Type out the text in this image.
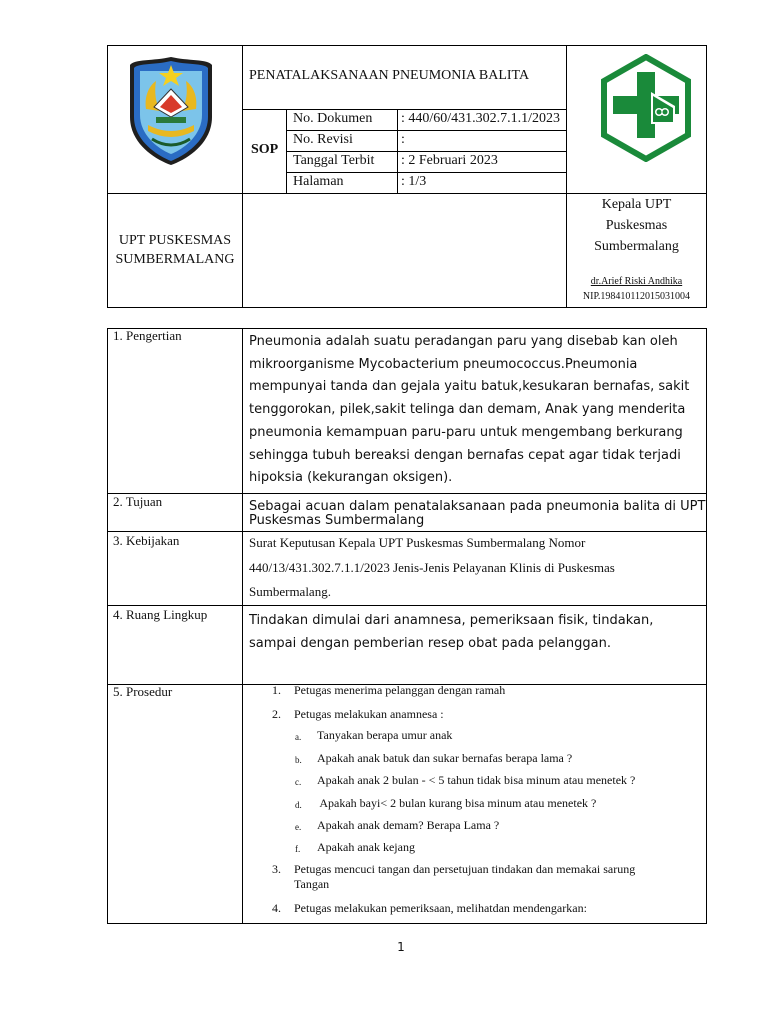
PENATALAKSANAAN PNEUMONIA BALITA
SOP
No. Dokumen : 440/60/431.302.7.1.1/2023
No. Revisi	:
Tanggal Terbit : 2 Februari 2023
Halaman	: 1/3
UPT PUSKESMAS
SUMBERMALANG
Kepala UPT
Puskesmas
Sumbermalang
dr.Arief Riski Andhika
NIP.198410112015031004
1. Pengertian	Pneumonia adalah suatu peradangan paru yang disebab kan oleh
mikroorganisme Mycobacterium pneumococcus.Pneumonia
mempunyai tanda dan gejala yaitu batuk,kesukaran bernafas, sakit
tenggorokan, pilek,sakit telinga dan demam, Anak yang menderita
pneumonia kemampuan paru-paru untuk mengembang berkurang
sehingga tubuh bereaksi dengan bernafas cepat agar tidak terjadi
hipoksia (kekurangan oksigen).
2. Tujuan	Sebagai acuan dalam penatalaksanaan pada pneumonia balita di UPT
Puskesmas Sumbermalang
3. Kebijakan	Surat Keputusan Kepala UPT Puskesmas Sumbermalang Nomor
440/13/431.302.7.1.1/2023 Jenis-Jenis Pelayanan Klinis di Puskesmas
Sumbermalang.
4. Ruang Lingkup	Tindakan dimulai dari anamnesa, pemeriksaan fisik, tindakan,
sampai dengan pemberian resep obat pada pelanggan.
5. Prosedur	1. Petugas menerima pelanggan dengan ramah
2. Petugas melakukan anamnesa :
a. Tanyakan berapa umur anak
b. Apakah anak batuk dan sukar bernafas berapa lama ?
c. Apakah anak 2 bulan - < 5 tahun tidak bisa minum atau menetek ?
d. Apakah bayi< 2 bulan kurang bisa minum atau menetek ?
e. Apakah anak demam? Berapa Lama ?
f. Apakah anak kejang
3. Petugas mencuci tangan dan persetujuan tindakan dan memakai sarung
Tangan
4. Petugas melakukan pemeriksaan, melihatdan mendengarkan:
1
